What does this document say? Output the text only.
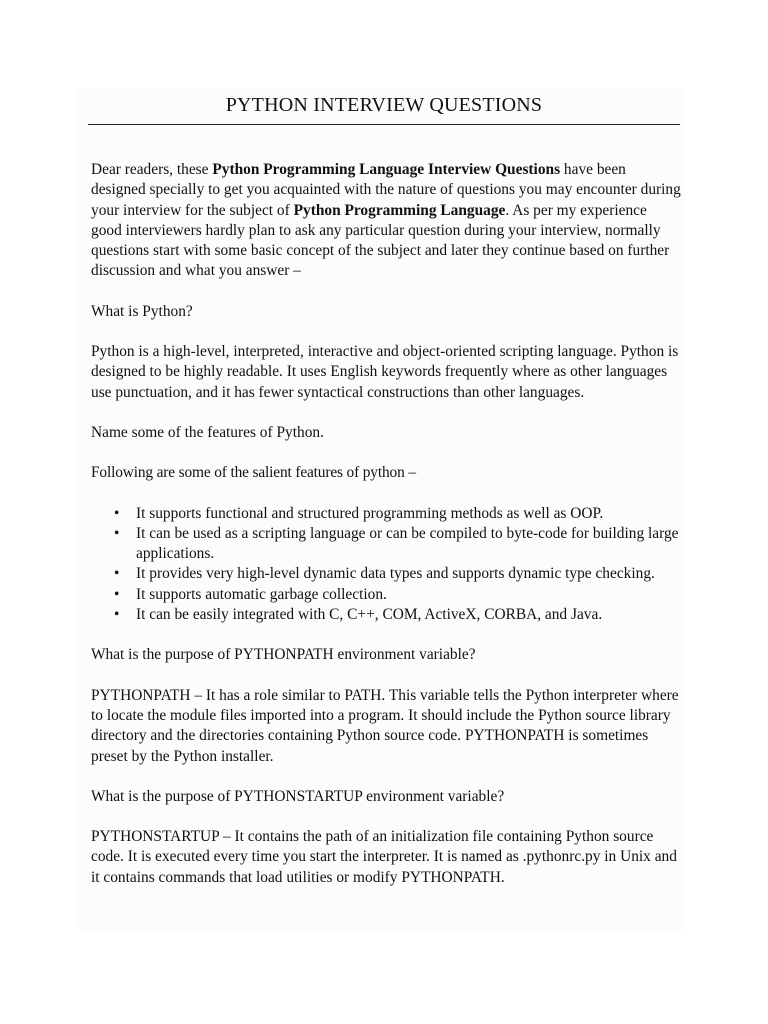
PYTHON INTERVIEW QUESTIONS

Dear readers, these Python Programming Language Interview Questions have been designed specially to get you acquainted with the nature of questions you may encounter during your interview for the subject of Python Programming Language. As per my experience good interviewers hardly plan to ask any particular question during your interview, normally questions start with some basic concept of the subject and later they continue based on further discussion and what you answer –

What is Python?

Python is a high-level, interpreted, interactive and object-oriented scripting language. Python is designed to be highly readable. It uses English keywords frequently where as other languages use punctuation, and it has fewer syntactical constructions than other languages.

Name some of the features of Python.

Following are some of the salient features of python –

• It supports functional and structured programming methods as well as OOP.
• It can be used as a scripting language or can be compiled to byte-code for building large applications.
• It provides very high-level dynamic data types and supports dynamic type checking.
• It supports automatic garbage collection.
• It can be easily integrated with C, C++, COM, ActiveX, CORBA, and Java.

What is the purpose of PYTHONPATH environment variable?

PYTHONPATH – It has a role similar to PATH. This variable tells the Python interpreter where to locate the module files imported into a program. It should include the Python source library directory and the directories containing Python source code. PYTHONPATH is sometimes preset by the Python installer.

What is the purpose of PYTHONSTARTUP environment variable?

PYTHONSTARTUP – It contains the path of an initialization file containing Python source code. It is executed every time you start the interpreter. It is named as .pythonrc.py in Unix and it contains commands that load utilities or modify PYTHONPATH.
